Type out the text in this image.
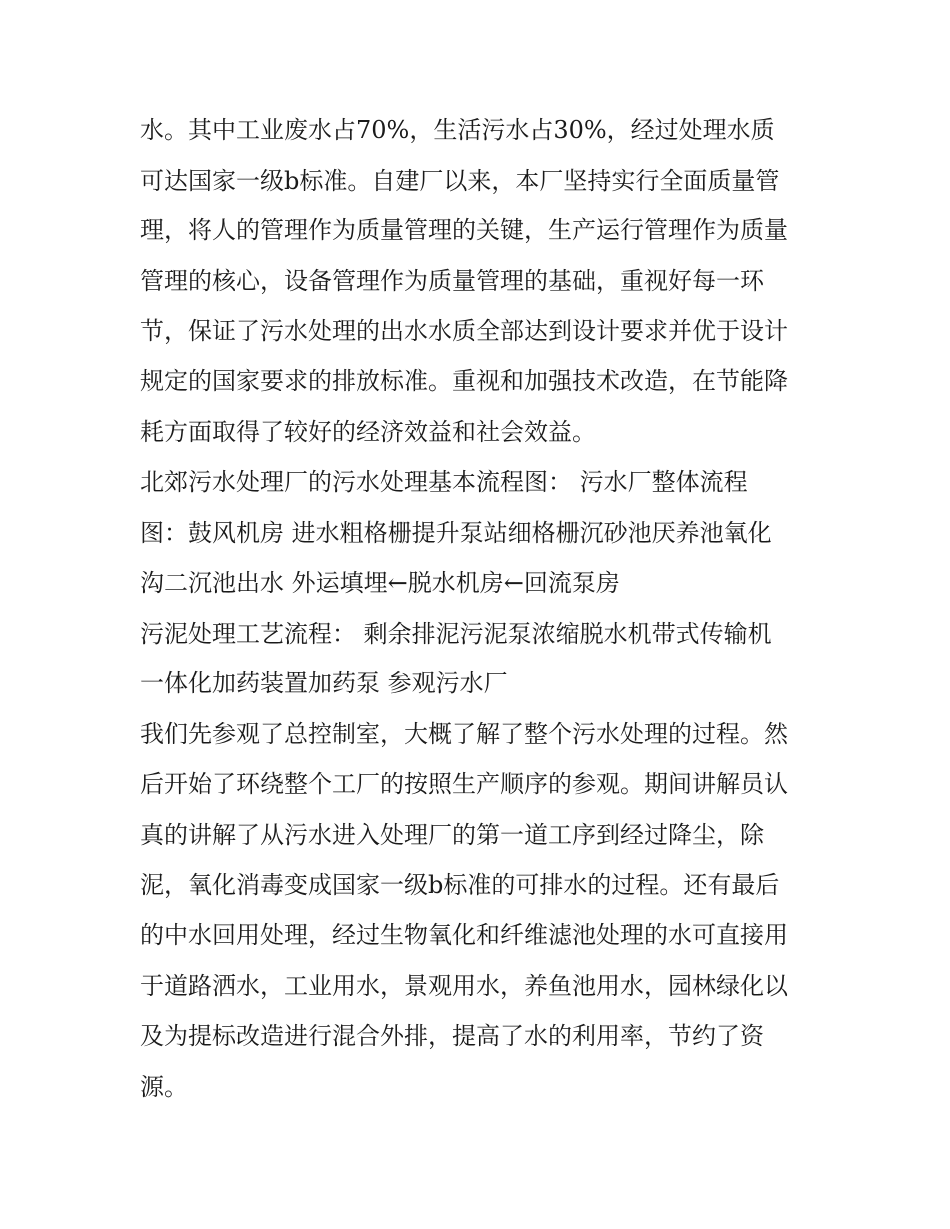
水。其中工业废水占70%，生活污水占30%，经过处理水质
可达国家一级b标准。自建厂以来，本厂坚持实行全面质量管
理，将人的管理作为质量管理的关键，生产运行管理作为质量
管理的核心，设备管理作为质量管理的基础，重视好每一环
节，保证了污水处理的出水水质全部达到设计要求并优于设计
规定的国家要求的排放标准。重视和加强技术改造，在节能降
耗方面取得了较好的经济效益和社会效益。
北郊污水处理厂的污水处理基本流程图： 污水厂整体流程
图：鼓风机房 进水粗格栅提升泵站细格栅沉砂池厌养池氧化
沟二沉池出水 外运填埋←脱水机房←回流泵房
污泥处理工艺流程： 剩余排泥污泥泵浓缩脱水机带式传输机
一体化加药装置加药泵 参观污水厂
我们先参观了总控制室，大概了解了整个污水处理的过程。然
后开始了环绕整个工厂的按照生产顺序的参观。期间讲解员认
真的讲解了从污水进入处理厂的第一道工序到经过降尘，除
泥，氧化消毒变成国家一级b标准的可排水的过程。还有最后
的中水回用处理，经过生物氧化和纤维滤池处理的水可直接用
于道路洒水，工业用水，景观用水，养鱼池用水，园林绿化以
及为提标改造进行混合外排，提高了水的利用率，节约了资
源。
